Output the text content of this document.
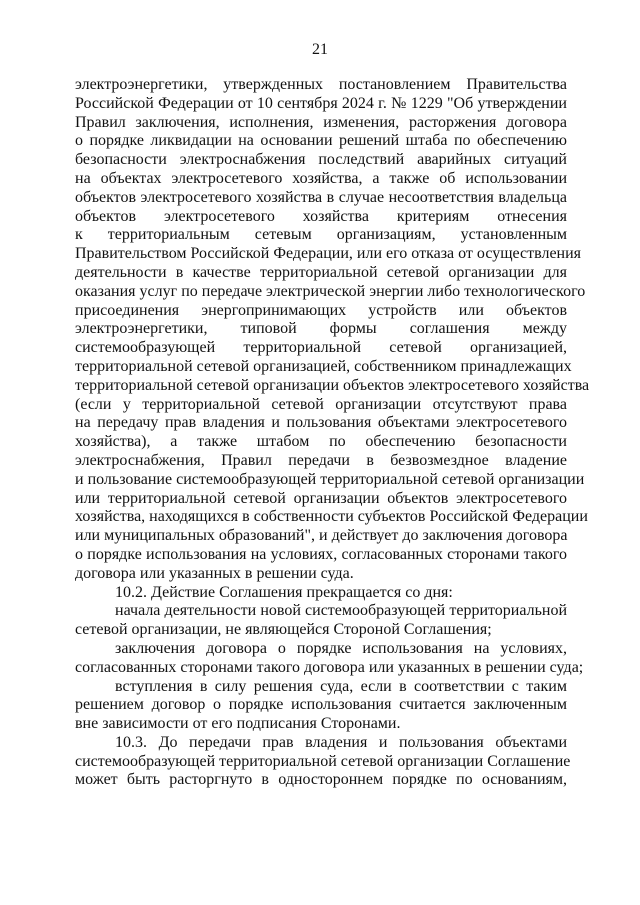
21
электроэнергетики, утвержденных постановлением Правительства
Российской Федерации от 10 сентября 2024 г. № 1229 "Об утверждении
Правил заключения, исполнения, изменения, расторжения договора
о порядке ликвидации на основании решений штаба по обеспечению
безопасности электроснабжения последствий аварийных ситуаций
на объектах электросетевого хозяйства, а также об использовании
объектов электросетевого хозяйства в случае несоответствия владельца
объектов электросетевого хозяйства критериям отнесения
к территориальным сетевым организациям, установленным
Правительством Российской Федерации, или его отказа от осуществления
деятельности в качестве территориальной сетевой организации для
оказания услуг по передаче электрической энергии либо технологического
присоединения энергопринимающих устройств или объектов
электроэнергетики, типовой формы соглашения между
системообразующей территориальной сетевой организацией,
территориальной сетевой организацией, собственником принадлежащих
территориальной сетевой организации объектов электросетевого хозяйства
(если у территориальной сетевой организации отсутствуют права
на передачу прав владения и пользования объектами электросетевого
хозяйства), а также штабом по обеспечению безопасности
электроснабжения, Правил передачи в безвозмездное владение
и пользование системообразующей территориальной сетевой организации
или территориальной сетевой организации объектов электросетевого
хозяйства, находящихся в собственности субъектов Российской Федерации
или муниципальных образований", и действует до заключения договора
о порядке использования на условиях, согласованных сторонами такого
договора или указанных в решении суда.
10.2. Действие Соглашения прекращается со дня:
начала деятельности новой системообразующей территориальной
сетевой организации, не являющейся Стороной Соглашения;
заключения договора о порядке использования на условиях,
согласованных сторонами такого договора или указанных в решении суда;
вступления в силу решения суда, если в соответствии с таким
решением договор о порядке использования считается заключенным
вне зависимости от его подписания Сторонами.
10.3. До передачи прав владения и пользования объектами
системообразующей территориальной сетевой организации Соглашение
может быть расторгнуто в одностороннем порядке по основаниям,
